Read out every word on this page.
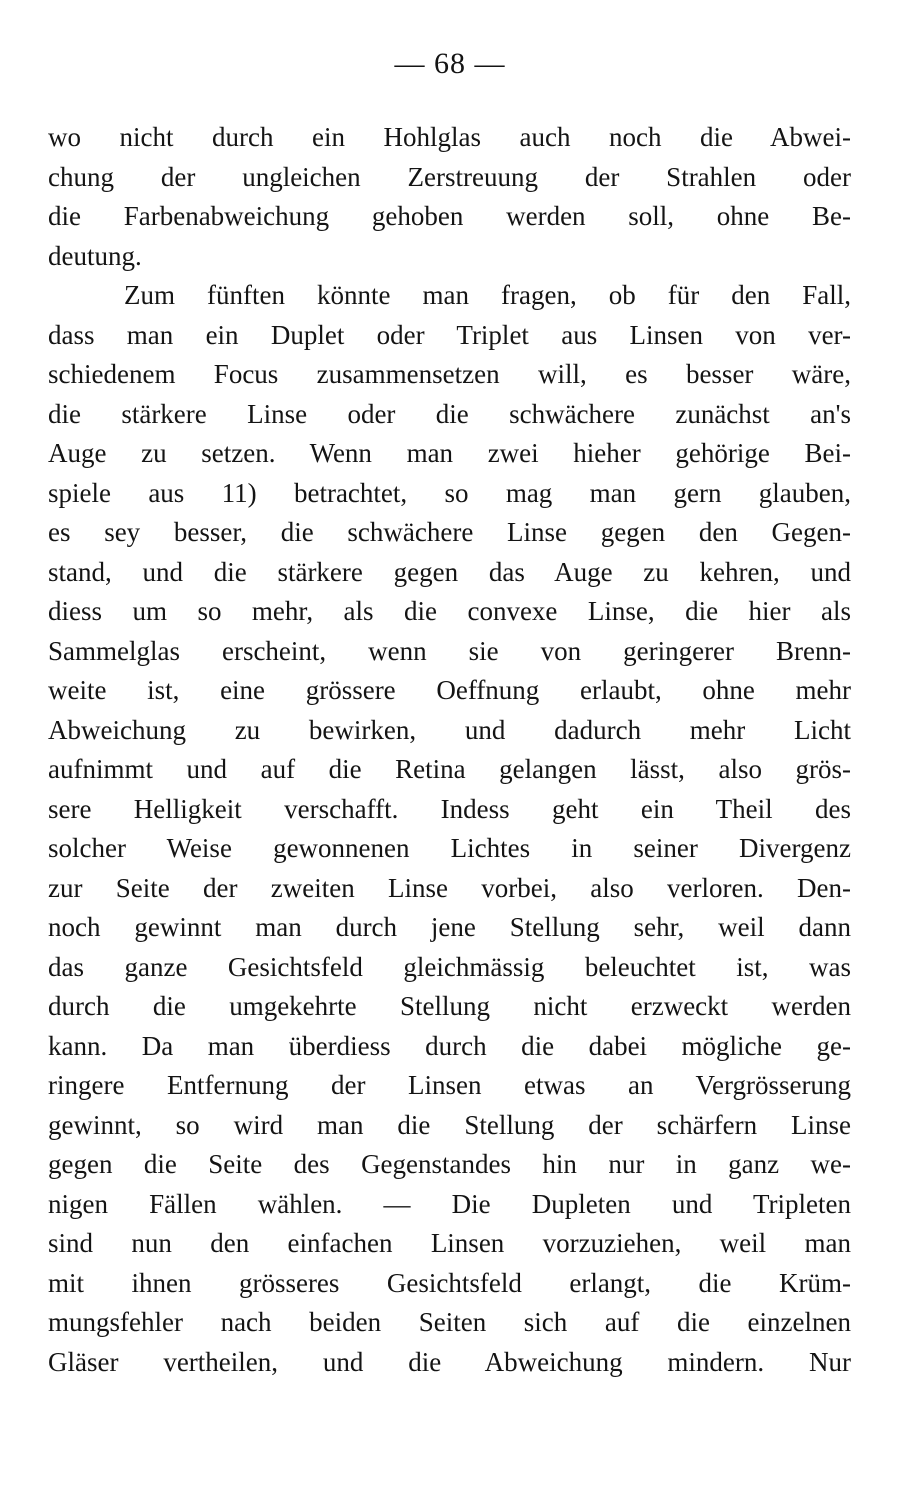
— 68 —
wo nicht durch ein Hohlglas auch noch die Abwei-
chung der ungleichen Zerstreuung der Strahlen oder
die Farbenabweichung gehoben werden soll, ohne Be-
deutung.
Zum fünften könnte man fragen, ob für den Fall,
dass man ein Duplet oder Triplet aus Linsen von ver-
schiedenem Focus zusammensetzen will, es besser wäre,
die stärkere Linse oder die schwächere zunächst an's
Auge zu setzen. Wenn man zwei hieher gehörige Bei-
spiele aus 11) betrachtet, so mag man gern glauben,
es sey besser, die schwächere Linse gegen den Gegen-
stand, und die stärkere gegen das Auge zu kehren, und
diess um so mehr, als die convexe Linse, die hier als
Sammelglas erscheint, wenn sie von geringerer Brenn-
weite ist, eine grössere Oeffnung erlaubt, ohne mehr
Abweichung zu bewirken, und dadurch mehr Licht
aufnimmt und auf die Retina gelangen lässt, also grös-
sere Helligkeit verschafft. Indess geht ein Theil des
solcher Weise gewonnenen Lichtes in seiner Divergenz
zur Seite der zweiten Linse vorbei, also verloren. Den-
noch gewinnt man durch jene Stellung sehr, weil dann
das ganze Gesichtsfeld gleichmässig beleuchtet ist, was
durch die umgekehrte Stellung nicht erzweckt werden
kann. Da man überdiess durch die dabei mögliche ge-
ringere Entfernung der Linsen etwas an Vergrösserung
gewinnt, so wird man die Stellung der schärfern Linse
gegen die Seite des Gegenstandes hin nur in ganz we-
nigen Fällen wählen. — Die Dupleten und Tripleten
sind nun den einfachen Linsen vorzuziehen, weil man
mit ihnen grösseres Gesichtsfeld erlangt, die Krüm-
mungsfehler nach beiden Seiten sich auf die einzelnen
Gläser vertheilen, und die Abweichung mindern. Nur
